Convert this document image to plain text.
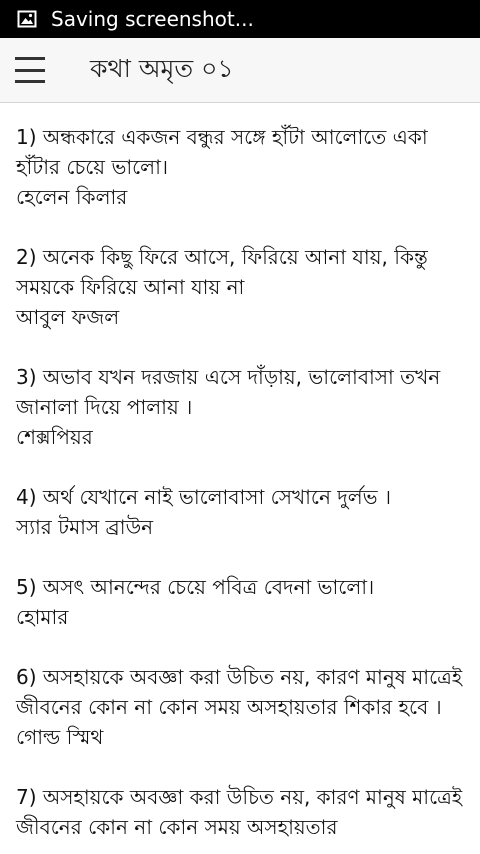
Saving screenshot...
কথা অমৃত ০১
1) অন্ধকারে একজন বন্ধুর সঙ্গে হাঁটা আলোতে একা হাঁটার চেয়ে ভালো।
হেলেন কিলার
2) অনেক কিছু ফিরে আসে, ফিরিয়ে আনা যায়, কিন্তু সময়কে ফিরিয়ে আনা যায় না
আবুল ফজল
3) অভাব যখন দরজায় এসে দাঁড়ায়, ভালোবাসা তখন জানালা দিয়ে পালায় ।
শেক্সপিয়র
4) অর্থ যেখানে নাই ভালোবাসা সেখানে দুর্লভ ।
স্যার টমাস ব্রাউন
5) অসৎ আনন্দের চেয়ে পবিত্র বেদনা ভালো।
হোমার
6) অসহায়কে অবজ্ঞা করা উচিত নয়, কারণ মানুষ মাত্রেই জীবনের কোন না কোন সময় অসহায়তার শিকার হবে ।
গোল্ড স্মিথ
7) অসহায়কে অবজ্ঞা করা উচিত নয়, কারণ মানুষ মাত্রেই জীবনের কোন না কোন সময় অসহায়তার
